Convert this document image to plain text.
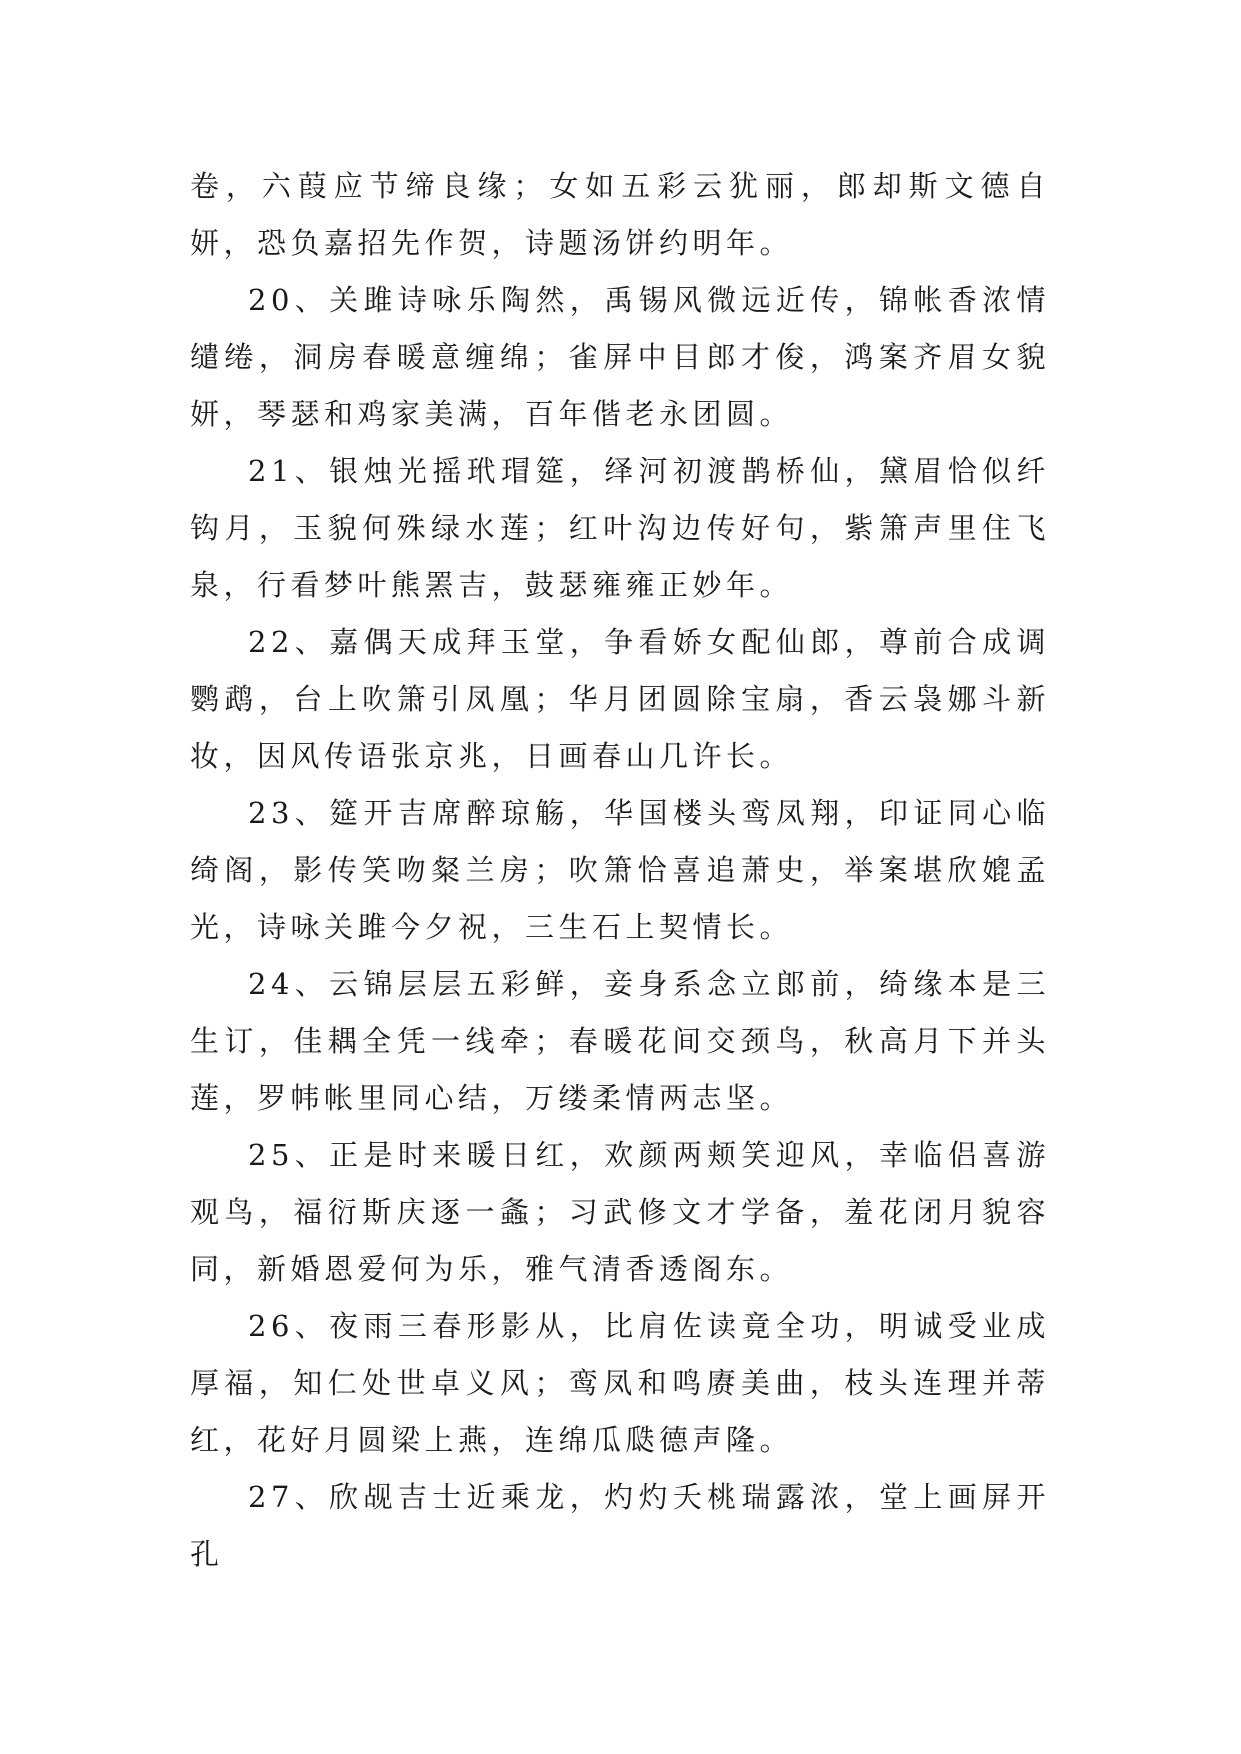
卷，六葭应节缔良缘；女如五彩云犹丽，郎却斯文德自妍，恐负嘉招先作贺，诗题汤饼约明年。

20、关雎诗咏乐陶然，禹锡风微远近传，锦帐香浓情缱绻，洞房春暖意缠绵；雀屏中目郎才俊，鸿案齐眉女貌妍，琴瑟和鸡家美满，百年偕老永团圆。

21、银烛光摇玳瑁筵，绎河初渡鹊桥仙，黛眉恰似纤钩月，玉貌何殊绿水莲；红叶沟边传好句，紫箫声里住飞泉，行看梦叶熊罴吉，鼓瑟雍雍正妙年。

22、嘉偶天成拜玉堂，争看娇女配仙郎，尊前合成调鹦鹉，台上吹箫引凤凰；华月团圆除宝扇，香云袅娜斗新妆，因风传语张京兆，日画春山几许长。

23、筵开吉席醉琼觞，华国楼头鸾凤翔，印证同心临绮阁，影传笑吻粲兰房；吹箫恰喜追萧史，举案堪欣媲孟光，诗咏关雎今夕祝，三生石上契情长。

24、云锦层层五彩鲜，妾身系念立郎前，绮缘本是三生订，佳耦全凭一线牵；春暖花间交颈鸟，秋高月下并头莲，罗帏帐里同心结，万缕柔情两志坚。

25、正是时来暖日红，欢颜两颊笑迎风，幸临侣喜游观鸟，福衍斯庆逐一螽；习武修文才学备，羞花闭月貌容同，新婚恩爱何为乐，雅气清香透阁东。

26、夜雨三春形影从，比肩佐读竟全功，明诚受业成厚福，知仁处世卓义风；鸾凤和鸣赓美曲，枝头连理并蒂红，花好月圆梁上燕，连绵瓜瓞德声隆。

27、欣觇吉士近乘龙，灼灼夭桃瑞露浓，堂上画屏开孔
